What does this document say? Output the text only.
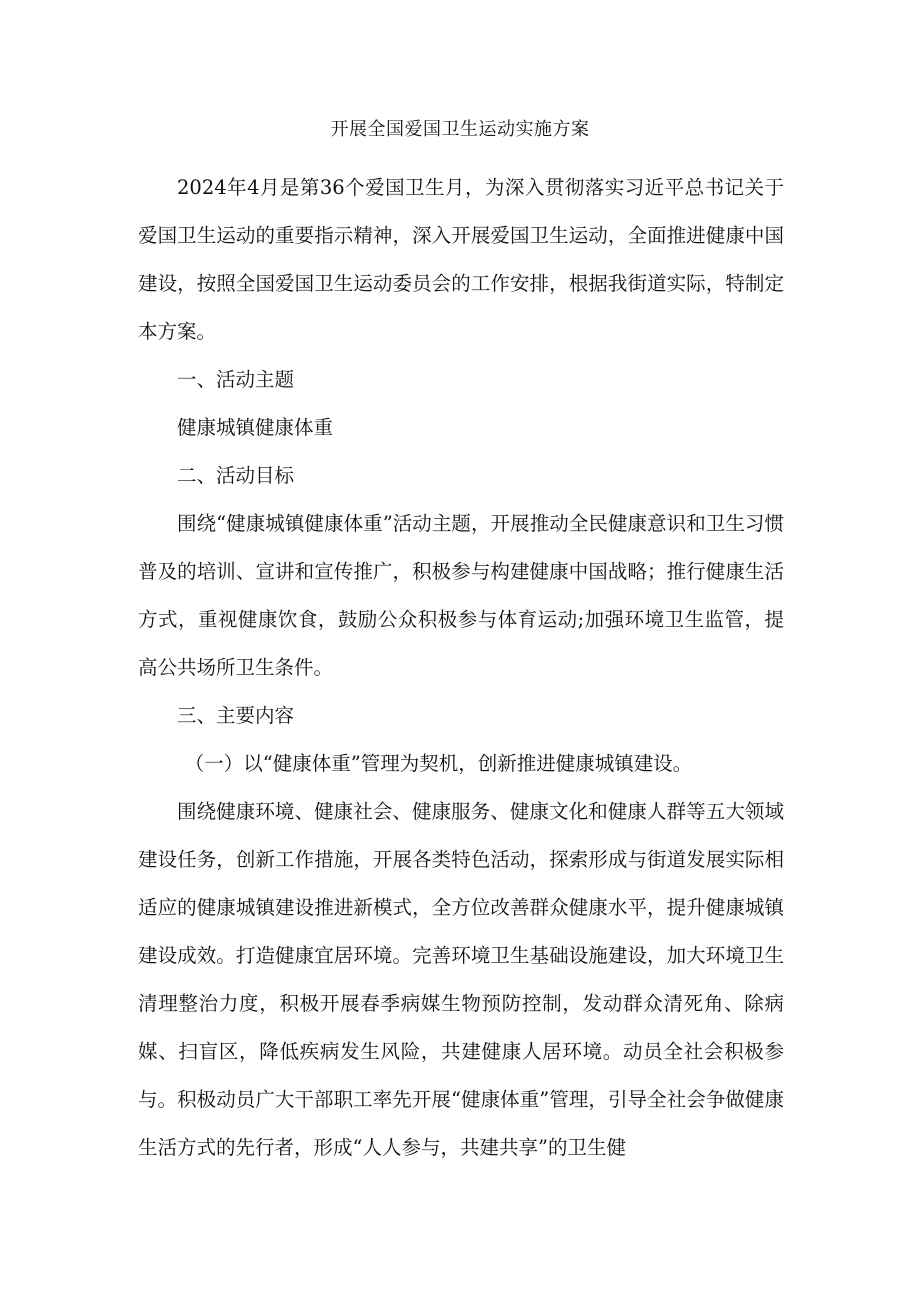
开展全国爱国卫生运动实施方案

2024年4月是第36个爱国卫生月，为深入贯彻落实习近平总书记关于爱国卫生运动的重要指示精神，深入开展爱国卫生运动，全面推进健康中国建设，按照全国爱国卫生运动委员会的工作安排，根据我街道实际，特制定本方案。

一、活动主题

健康城镇健康体重

二、活动目标

围绕“健康城镇健康体重”活动主题，开展推动全民健康意识和卫生习惯普及的培训、宣讲和宣传推广，积极参与构建健康中国战略；推行健康生活方式，重视健康饮食，鼓励公众积极参与体育运动;加强环境卫生监管，提高公共场所卫生条件。

三、主要内容

（一）以“健康体重”管理为契机，创新推进健康城镇建设。

围绕健康环境、健康社会、健康服务、健康文化和健康人群等五大领域建设任务，创新工作措施，开展各类特色活动，探索形成与街道发展实际相适应的健康城镇建设推进新模式，全方位改善群众健康水平，提升健康城镇建设成效。打造健康宜居环境。完善环境卫生基础设施建设，加大环境卫生清理整治力度，积极开展春季病媒生物预防控制，发动群众清死角、除病媒、扫盲区，降低疾病发生风险，共建健康人居环境。动员全社会积极参与。积极动员广大干部职工率先开展“健康体重”管理，引导全社会争做健康生活方式的先行者，形成“人人参与，共建共享”的卫生健
